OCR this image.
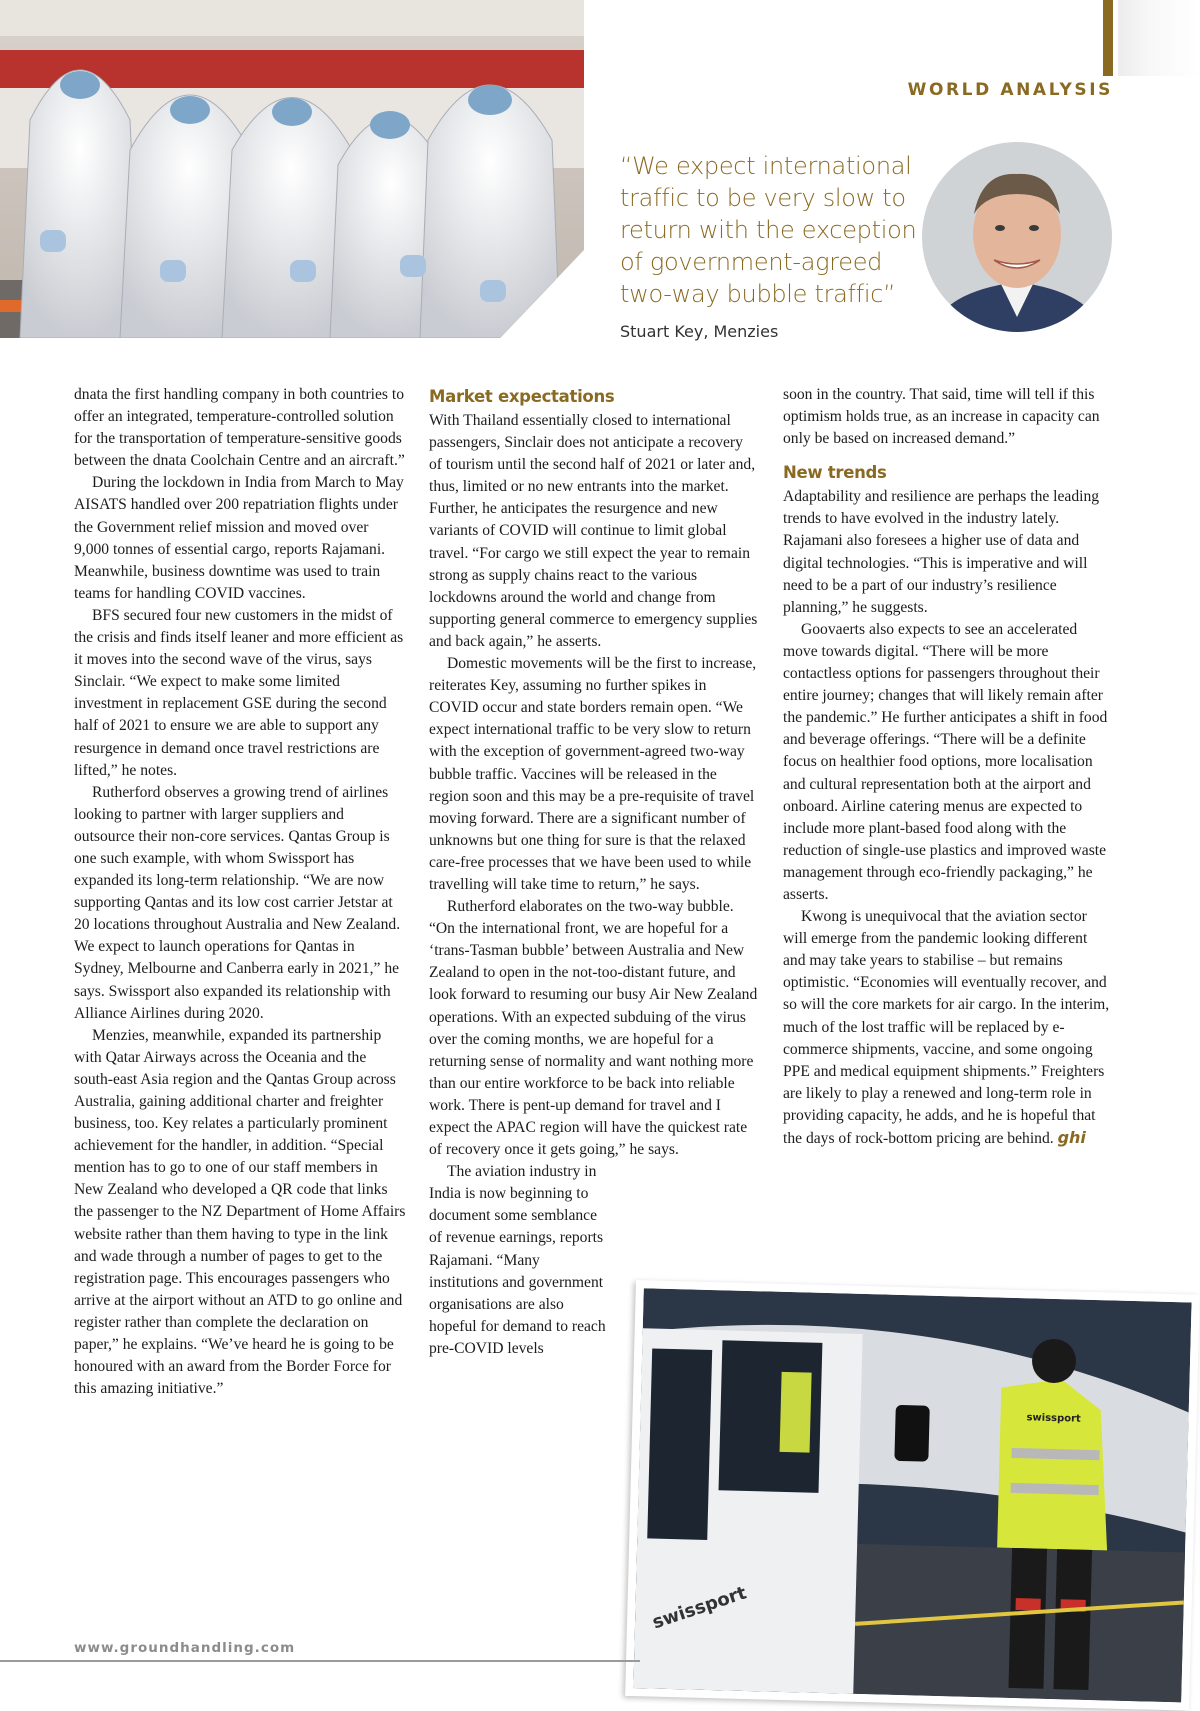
WORLD ANALYSIS
“We expect international traffic to be very slow to return with the exception of government-agreed two-way bubble traffic”
Stuart Key, Menzies

dnata the first handling company in both countries to offer an integrated, temperature-controlled solution for the transportation of temperature-sensitive goods between the dnata Coolchain Centre and an aircraft.”

During the lockdown in India from March to May AISATS handled over 200 repatriation flights under the Government relief mission and moved over 9,000 tonnes of essential cargo, reports Rajamani. Meanwhile, business downtime was used to train teams for handling COVID vaccines.

BFS secured four new customers in the midst of the crisis and finds itself leaner and more efficient as it moves into the second wave of the virus, says Sinclair. “We expect to make some limited investment in replacement GSE during the second half of 2021 to ensure we are able to support any resurgence in demand once travel restrictions are lifted,” he notes.

Rutherford observes a growing trend of airlines looking to partner with larger suppliers and outsource their non-core services. Qantas Group is one such example, with whom Swissport has expanded its long-term relationship. “We are now supporting Qantas and its low cost carrier Jetstar at 20 locations throughout Australia and New Zealand. We expect to launch operations for Qantas in Sydney, Melbourne and Canberra early in 2021,” he says. Swissport also expanded its relationship with Alliance Airlines during 2020.

Menzies, meanwhile, expanded its partnership with Qatar Airways across the Oceania and the south-east Asia region and the Qantas Group across Australia, gaining additional charter and freighter business, too. Key relates a particularly prominent achievement for the handler, in addition. “Special mention has to go to one of our staff members in New Zealand who developed a QR code that links the passenger to the NZ Department of Home Affairs website rather than them having to type in the link and wade through a number of pages to get to the registration page. This encourages passengers who arrive at the airport without an ATD to go online and register rather than complete the declaration on paper,” he explains. “We’ve heard he is going to be honoured with an award from the Border Force for this amazing initiative.”

Market expectations

With Thailand essentially closed to international passengers, Sinclair does not anticipate a recovery of tourism until the second half of 2021 or later and, thus, limited or no new entrants into the market. Further, he anticipates the resurgence and new variants of COVID will continue to limit global travel. “For cargo we still expect the year to remain strong as supply chains react to the various lockdowns around the world and change from supporting general commerce to emergency supplies and back again,” he asserts.

Domestic movements will be the first to increase, reiterates Key, assuming no further spikes in COVID occur and state borders remain open. “We expect international traffic to be very slow to return with the exception of government-agreed two-way bubble traffic. Vaccines will be released in the region soon and this may be a pre-requisite of travel moving forward. There are a significant number of unknowns but one thing for sure is that the relaxed care-free processes that we have been used to while travelling will take time to return,” he says.

Rutherford elaborates on the two-way bubble. “On the international front, we are hopeful for a ‘trans-Tasman bubble’ between Australia and New Zealand to open in the not-too-distant future, and look forward to resuming our busy Air New Zealand operations. With an expected subduing of the virus over the coming months, we are hopeful for a returning sense of normality and want nothing more than our entire workforce to be back into reliable work. There is pent-up demand for travel and I expect the APAC region will have the quickest rate of recovery once it gets going,” he says.

The aviation industry in India is now beginning to document some semblance of revenue earnings, reports Rajamani. “Many institutions and government organisations are also hopeful for demand to reach pre-COVID levels

soon in the country. That said, time will tell if this optimism holds true, as an increase in capacity can only be based on increased demand.”

New trends

Adaptability and resilience are perhaps the leading trends to have evolved in the industry lately. Rajamani also foresees a higher use of data and digital technologies. “This is imperative and will need to be a part of our industry’s resilience planning,” he suggests.

Goovaerts also expects to see an accelerated move towards digital. “There will be more contactless options for passengers throughout their entire journey; changes that will likely remain after the pandemic.” He further anticipates a shift in food and beverage offerings. “There will be a definite focus on healthier food options, more localisation and cultural representation both at the airport and onboard. Airline catering menus are expected to include more plant-based food along with the reduction of single-use plastics and improved waste management through eco-friendly packaging,” he asserts.

Kwong is unequivocal that the aviation sector will emerge from the pandemic looking different and may take years to stabilise – but remains optimistic. “Economies will eventually recover, and so will the core markets for air cargo. In the interim, much of the lost traffic will be replaced by e-commerce shipments, vaccine, and some ongoing PPE and medical equipment shipments.” Freighters are likely to play a renewed and long-term role in providing capacity, he adds, and he is hopeful that the days of rock-bottom pricing are behind. ghi

swissport
swissport
www.groundhandling.com
